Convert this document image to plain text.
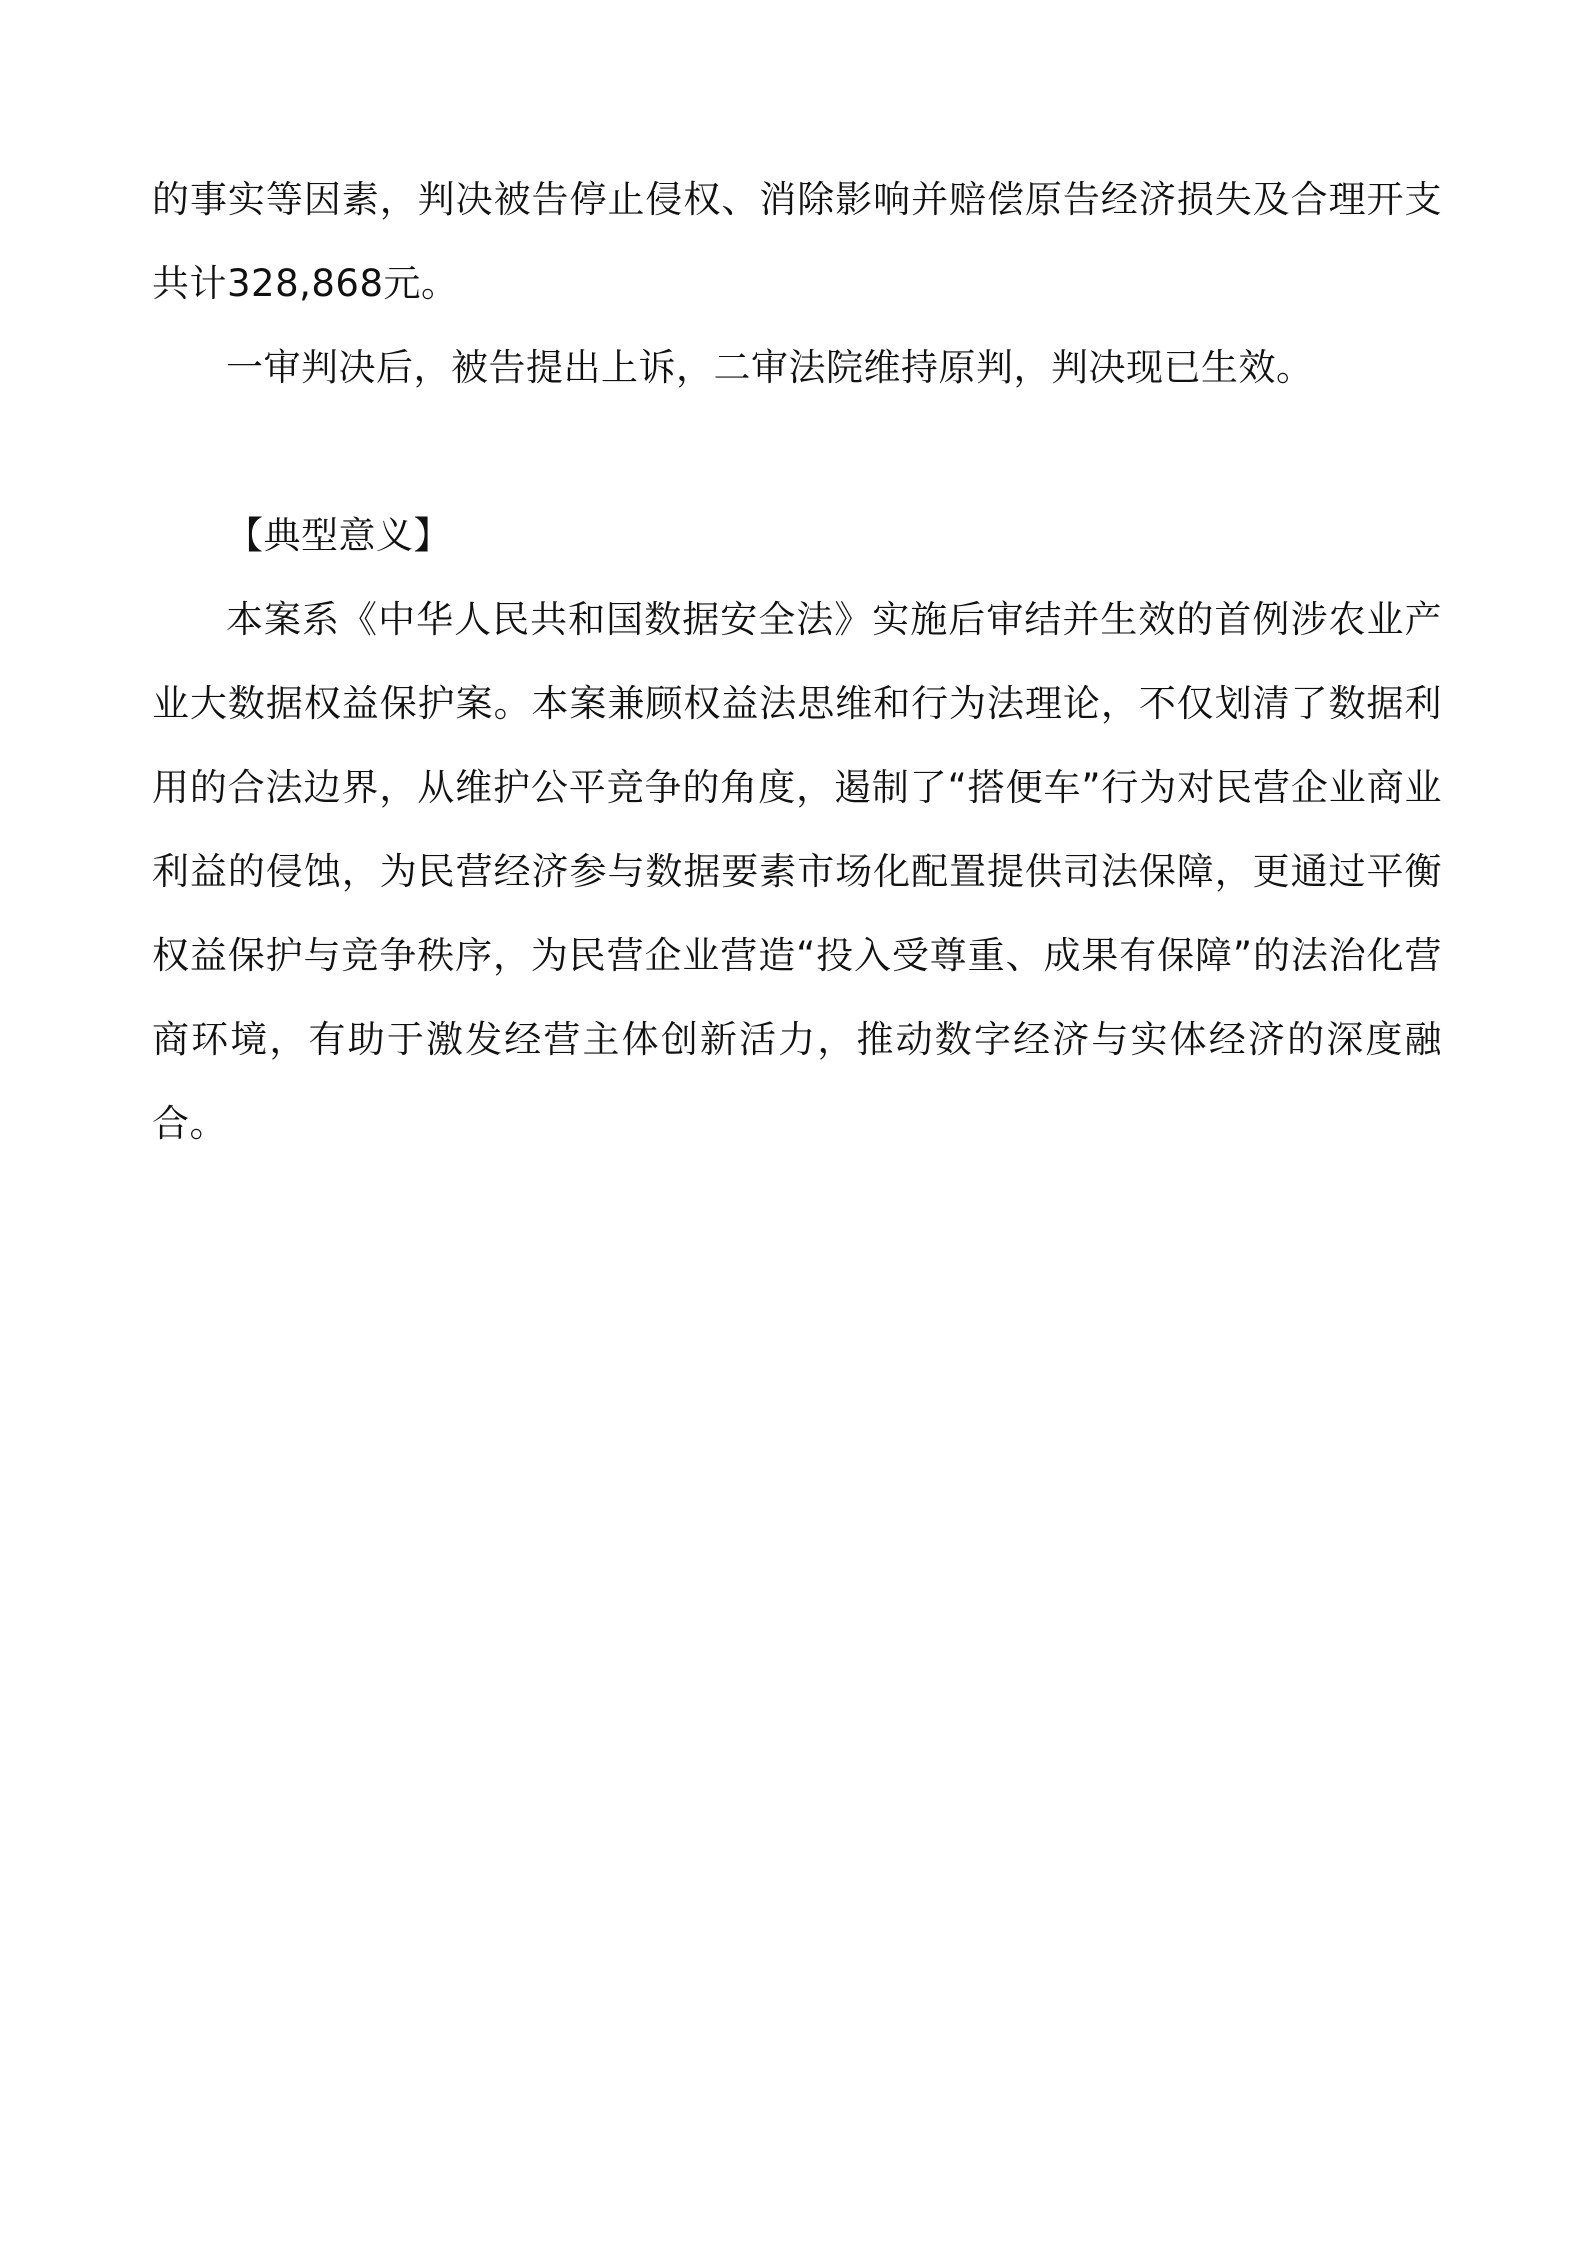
的事实等因素，判决被告停止侵权、消除影响并赔偿原告经济损失及合理开支共计328,868元。

一审判决后，被告提出上诉，二审法院维持原判，判决现已生效。

【典型意义】

本案系《中华人民共和国数据安全法》实施后审结并生效的首例涉农业产业大数据权益保护案。本案兼顾权益法思维和行为法理论，不仅划清了数据利用的合法边界，从维护公平竞争的角度，遏制了“搭便车”行为对民营企业商业利益的侵蚀，为民营经济参与数据要素市场化配置提供司法保障，更通过平衡权益保护与竞争秩序，为民营企业营造“投入受尊重、成果有保障”的法治化营商环境，有助于激发经营主体创新活力，推动数字经济与实体经济的深度融合。
